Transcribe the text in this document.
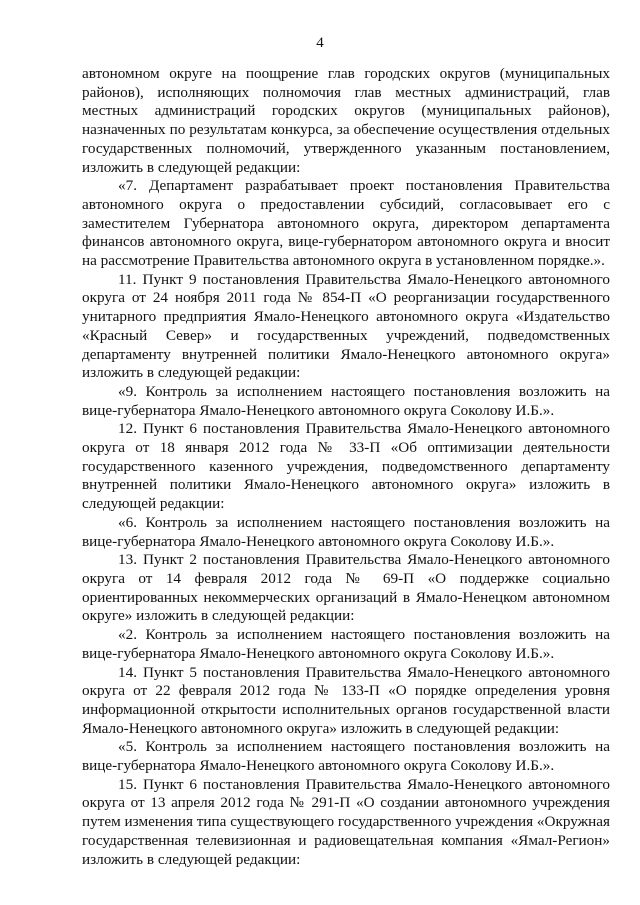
4

автономном округе на поощрение глав городских округов (муниципальных районов), исполняющих полномочия глав местных администраций, глав местных администраций городских округов (муниципальных районов), назначенных по результатам конкурса, за обеспечение осуществления отдельных государственных полномочий, утвержденного указанным постановлением, изложить в следующей редакции:

«7. Департамент разрабатывает проект постановления Правительства автономного округа о предоставлении субсидий, согласовывает его с заместителем Губернатора автономного округа, директором департамента финансов автономного округа, вице-губернатором автономного округа и вносит на рассмотрение Правительства автономного округа в установленном порядке.».

11. Пункт 9 постановления Правительства Ямало-Ненецкого автономного округа от 24 ноября 2011 года № 854-П «О реорганизации государственного унитарного предприятия Ямало-Ненецкого автономного округа «Издательство «Красный Север» и государственных учреждений, подведомственных департаменту внутренней политики Ямало-Ненецкого автономного округа» изложить в следующей редакции:

«9. Контроль за исполнением настоящего постановления возложить на вице-губернатора Ямало-Ненецкого автономного округа Соколову И.Б.».

12. Пункт 6 постановления Правительства Ямало-Ненецкого автономного округа от 18 января 2012 года № 33-П «Об оптимизации деятельности государственного казенного учреждения, подведомственного департаменту внутренней политики Ямало-Ненецкого автономного округа» изложить в следующей редакции:

«6. Контроль за исполнением настоящего постановления возложить на вице-губернатора Ямало-Ненецкого автономного округа Соколову И.Б.».

13. Пункт 2 постановления Правительства Ямало-Ненецкого автономного округа от 14 февраля 2012 года № 69-П «О поддержке социально ориентированных некоммерческих организаций в Ямало-Ненецком автономном округе» изложить в следующей редакции:

«2. Контроль за исполнением настоящего постановления возложить на вице-губернатора Ямало-Ненецкого автономного округа Соколову И.Б.».

14. Пункт 5 постановления Правительства Ямало-Ненецкого автономного округа от 22 февраля 2012 года № 133-П «О порядке определения уровня информационной открытости исполнительных органов государственной власти Ямало-Ненецкого автономного округа» изложить в следующей редакции:

«5. Контроль за исполнением настоящего постановления возложить на вице-губернатора Ямало-Ненецкого автономного округа Соколову И.Б.».

15. Пункт 6 постановления Правительства Ямало-Ненецкого автономного округа от 13 апреля 2012 года № 291-П «О создании автономного учреждения путем изменения типа существующего государственного учреждения «Окружная государственная телевизионная и радиовещательная компания «Ямал-Регион» изложить в следующей редакции:
